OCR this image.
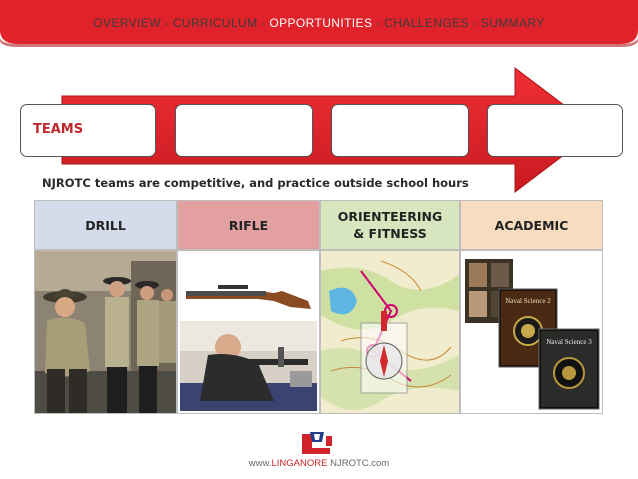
OVERVIEW - CURRICULUM - OPPORTUNITIES - CHALLENGES - SUMMARY
TEAMS
NJROTC teams are competitive, and practice outside school hours
DRILL	RIFLE
ORIENTEERING
& FITNESS
ACADEMIC
Naval Science 2
Naval Science 3
www.LINGANORE NJROTC.com
